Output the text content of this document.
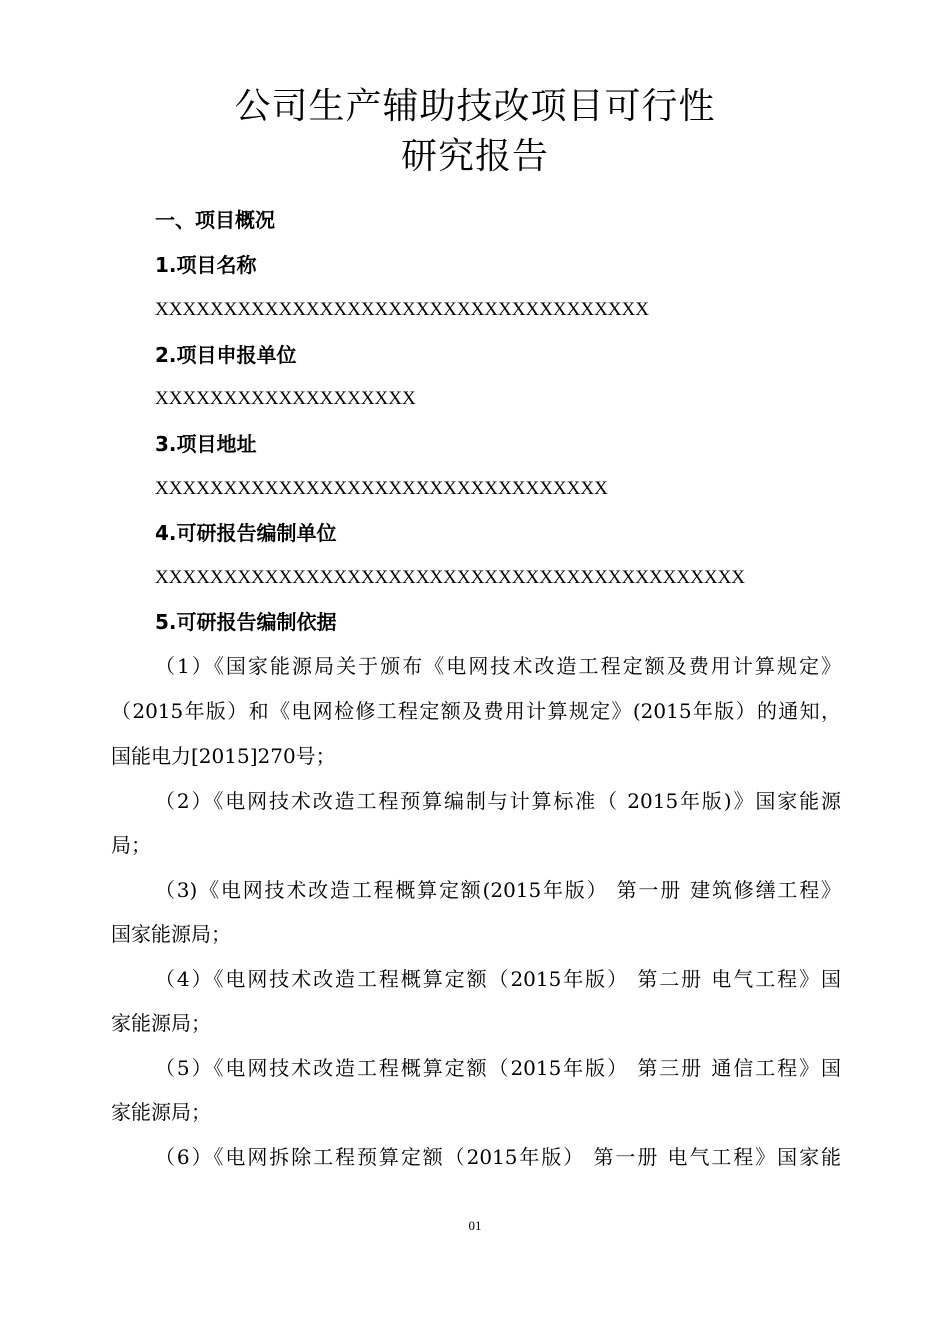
公司生产辅助技改项目可行性
研究报告
一、项目概况
1.项目名称
XXXXXXXXXXXXXXXXXXXXXXXXXXXXXXXXXXXX
2.项目申报单位
XXXXXXXXXXXXXXXXXXX
3.项目地址
XXXXXXXXXXXXXXXXXXXXXXXXXXXXXXXXX
4.可研报告编制单位
XXXXXXXXXXXXXXXXXXXXXXXXXXXXXXXXXXXXXXXXXXX
5.可研报告编制依据
（1）《国家能源局关于颁布《电网技术改造工程定额及费用计算规定》
（2015年版）和《电网检修工程定额及费用计算规定》(2015年版）的通知，
国能电力[2015]270号；
（2）《电网技术改造工程预算编制与计算标准（ 2015年版)》国家能源
局；
（3)《电网技术改造工程概算定额(2015年版） 第一册 建筑修缮工程》
国家能源局；
（4）《电网技术改造工程概算定额（2015年版） 第二册 电气工程》国
家能源局；
（5）《电网技术改造工程概算定额（2015年版） 第三册 通信工程》国
家能源局；
（6）《电网拆除工程预算定额（2015年版） 第一册 电气工程》国家能
01
